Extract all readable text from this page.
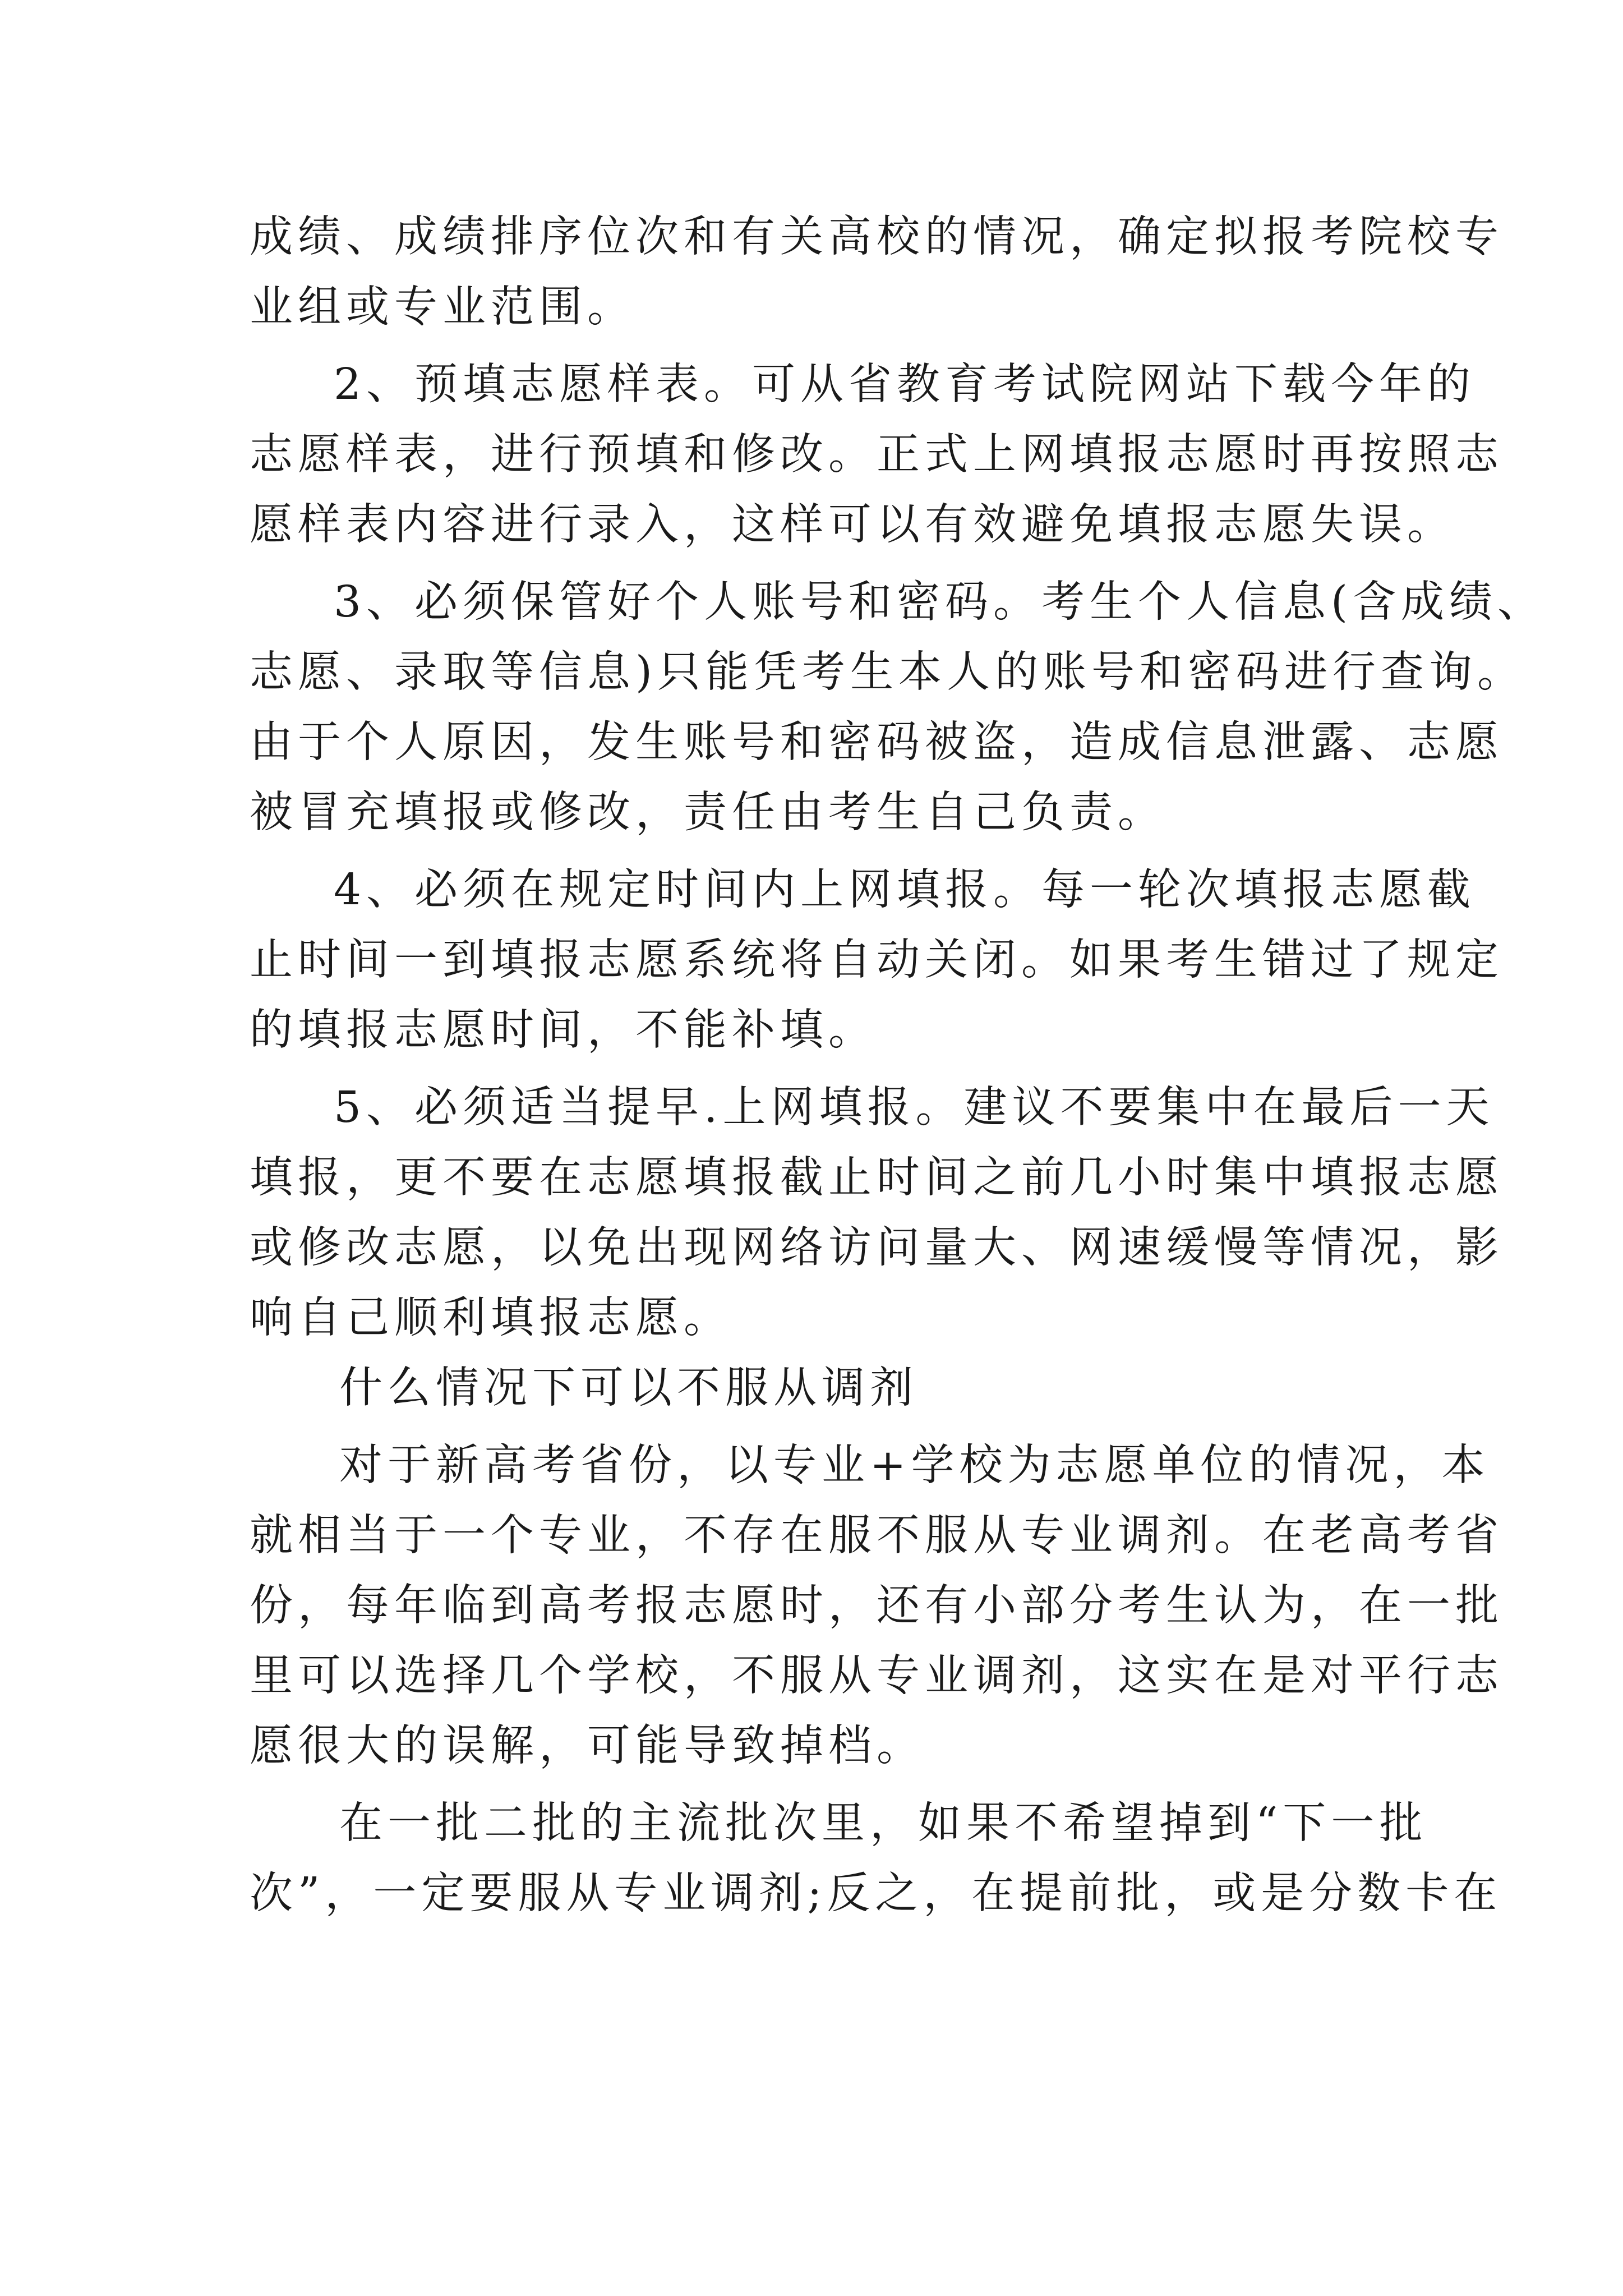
成绩、成绩排序位次和有关高校的情况，确定拟报考院校专
业组或专业范围。
2、预填志愿样表。可从省教育考试院网站下载今年的
志愿样表，进行预填和修改。正式上网填报志愿时再按照志
愿样表内容进行录入，这样可以有效避免填报志愿失误。
3、必须保管好个人账号和密码。考生个人信息(含成绩、
志愿、录取等信息)只能凭考生本人的账号和密码进行查询。
由于个人原因，发生账号和密码被盗，造成信息泄露、志愿
被冒充填报或修改，责任由考生自己负责。
4、必须在规定时间内上网填报。每一轮次填报志愿截
止时间一到填报志愿系统将自动关闭。如果考生错过了规定
的填报志愿时间，不能补填。
5、必须适当提早.上网填报。建议不要集中在最后一天
填报，更不要在志愿填报截止时间之前几小时集中填报志愿
或修改志愿，以免出现网络访问量大、网速缓慢等情况，影
响自己顺利填报志愿。
什么情况下可以不服从调剂
对于新高考省份，以专业+学校为志愿单位的情况，本
就相当于一个专业，不存在服不服从专业调剂。在老高考省
份，每年临到高考报志愿时，还有小部分考生认为，在一批
里可以选择几个学校，不服从专业调剂，这实在是对平行志
愿很大的误解，可能导致掉档。
在一批二批的主流批次里，如果不希望掉到“下一批
次”，一定要服从专业调剂;反之，在提前批，或是分数卡在
